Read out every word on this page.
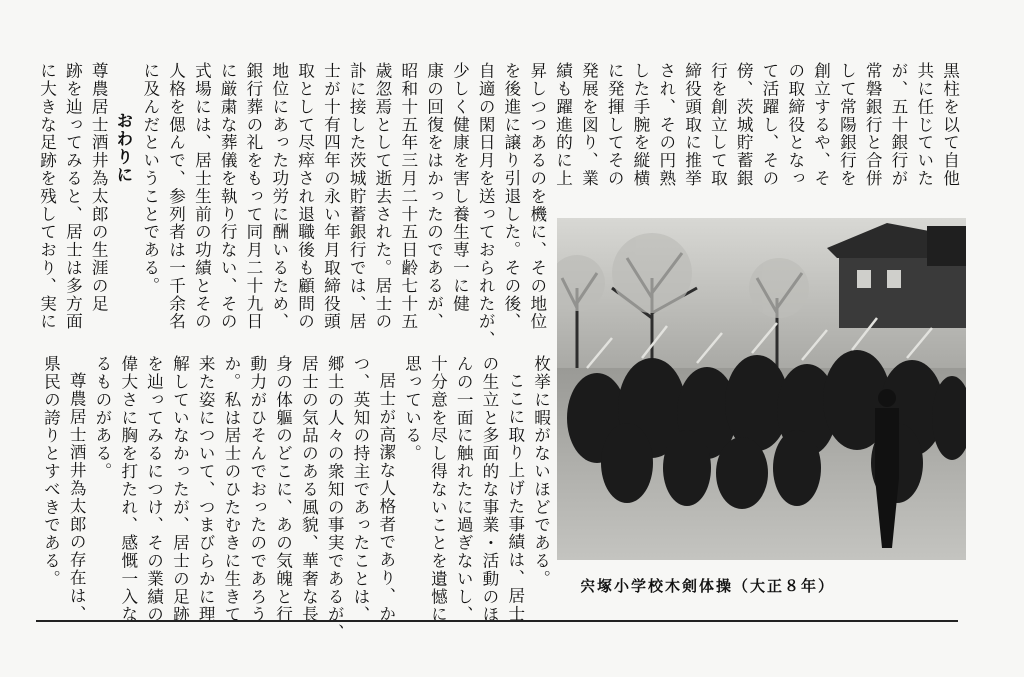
黒柱を以て自他
共に任じていた
が、五十銀行が
常磐銀行と合併
して常陽銀行を
創立するや、そ
の取締役となっ
て活躍し、その
傍、茨城貯蓄銀
行を創立して取
締役頭取に推挙
され、その円熟
した手腕を縦横
に発揮してその
発展を図り、業
績も躍進的に上
昇しつつあるのを機に、その地位
を後進に譲り引退した。その後、
自適の閑日月を送っておられたが、
少しく健康を害し養生専一に健
康の回復をはかったのであるが、
昭和十五年三月二十五日齢七十五
歳忽焉として逝去された。居士の
訃に接した茨城貯蓄銀行では、居
士が十有四年の永い年月取締役頭
取として尽瘁され退職後も顧問の
地位にあった功労に酬いるため、
銀行葬の礼をもって同月二十九日
に厳粛な葬儀を執り行ない、その
式場には、居士生前の功績とその
人格を偲んで、参列者は一千余名
に及んだということである。
おわりに
尊農居士酒井為太郎の生涯の足
跡を辿ってみると、居士は多方面
に大きな足跡を残しており、実に
枚挙に暇がないほどである。
ここに取り上げた事績は、居士
の生立と多面的な事業・活動のほ
んの一面に触れたに過ぎないし、
十分意を尽し得ないことを遺憾に
思っている。
居士が高潔な人格者であり、か
つ、英知の持主であったことは、
郷土の人々の衆知の事実であるが、
居士の気品のある風貌、華奢な長
身の体軀のどこに、あの気魄と行
動力がひそんでおったのであろう
か。私は居士のひたむきに生きて
来た姿について、つまびらかに理
解していなかったが、居士の足跡
を辿ってみるにつけ、その業績の
偉大さに胸を打たれ、感慨一入な
るものがある。
尊農居士酒井為太郎の存在は、
県民の誇りとすべきである。	宍塚小学校木剣体操（大正８年）
